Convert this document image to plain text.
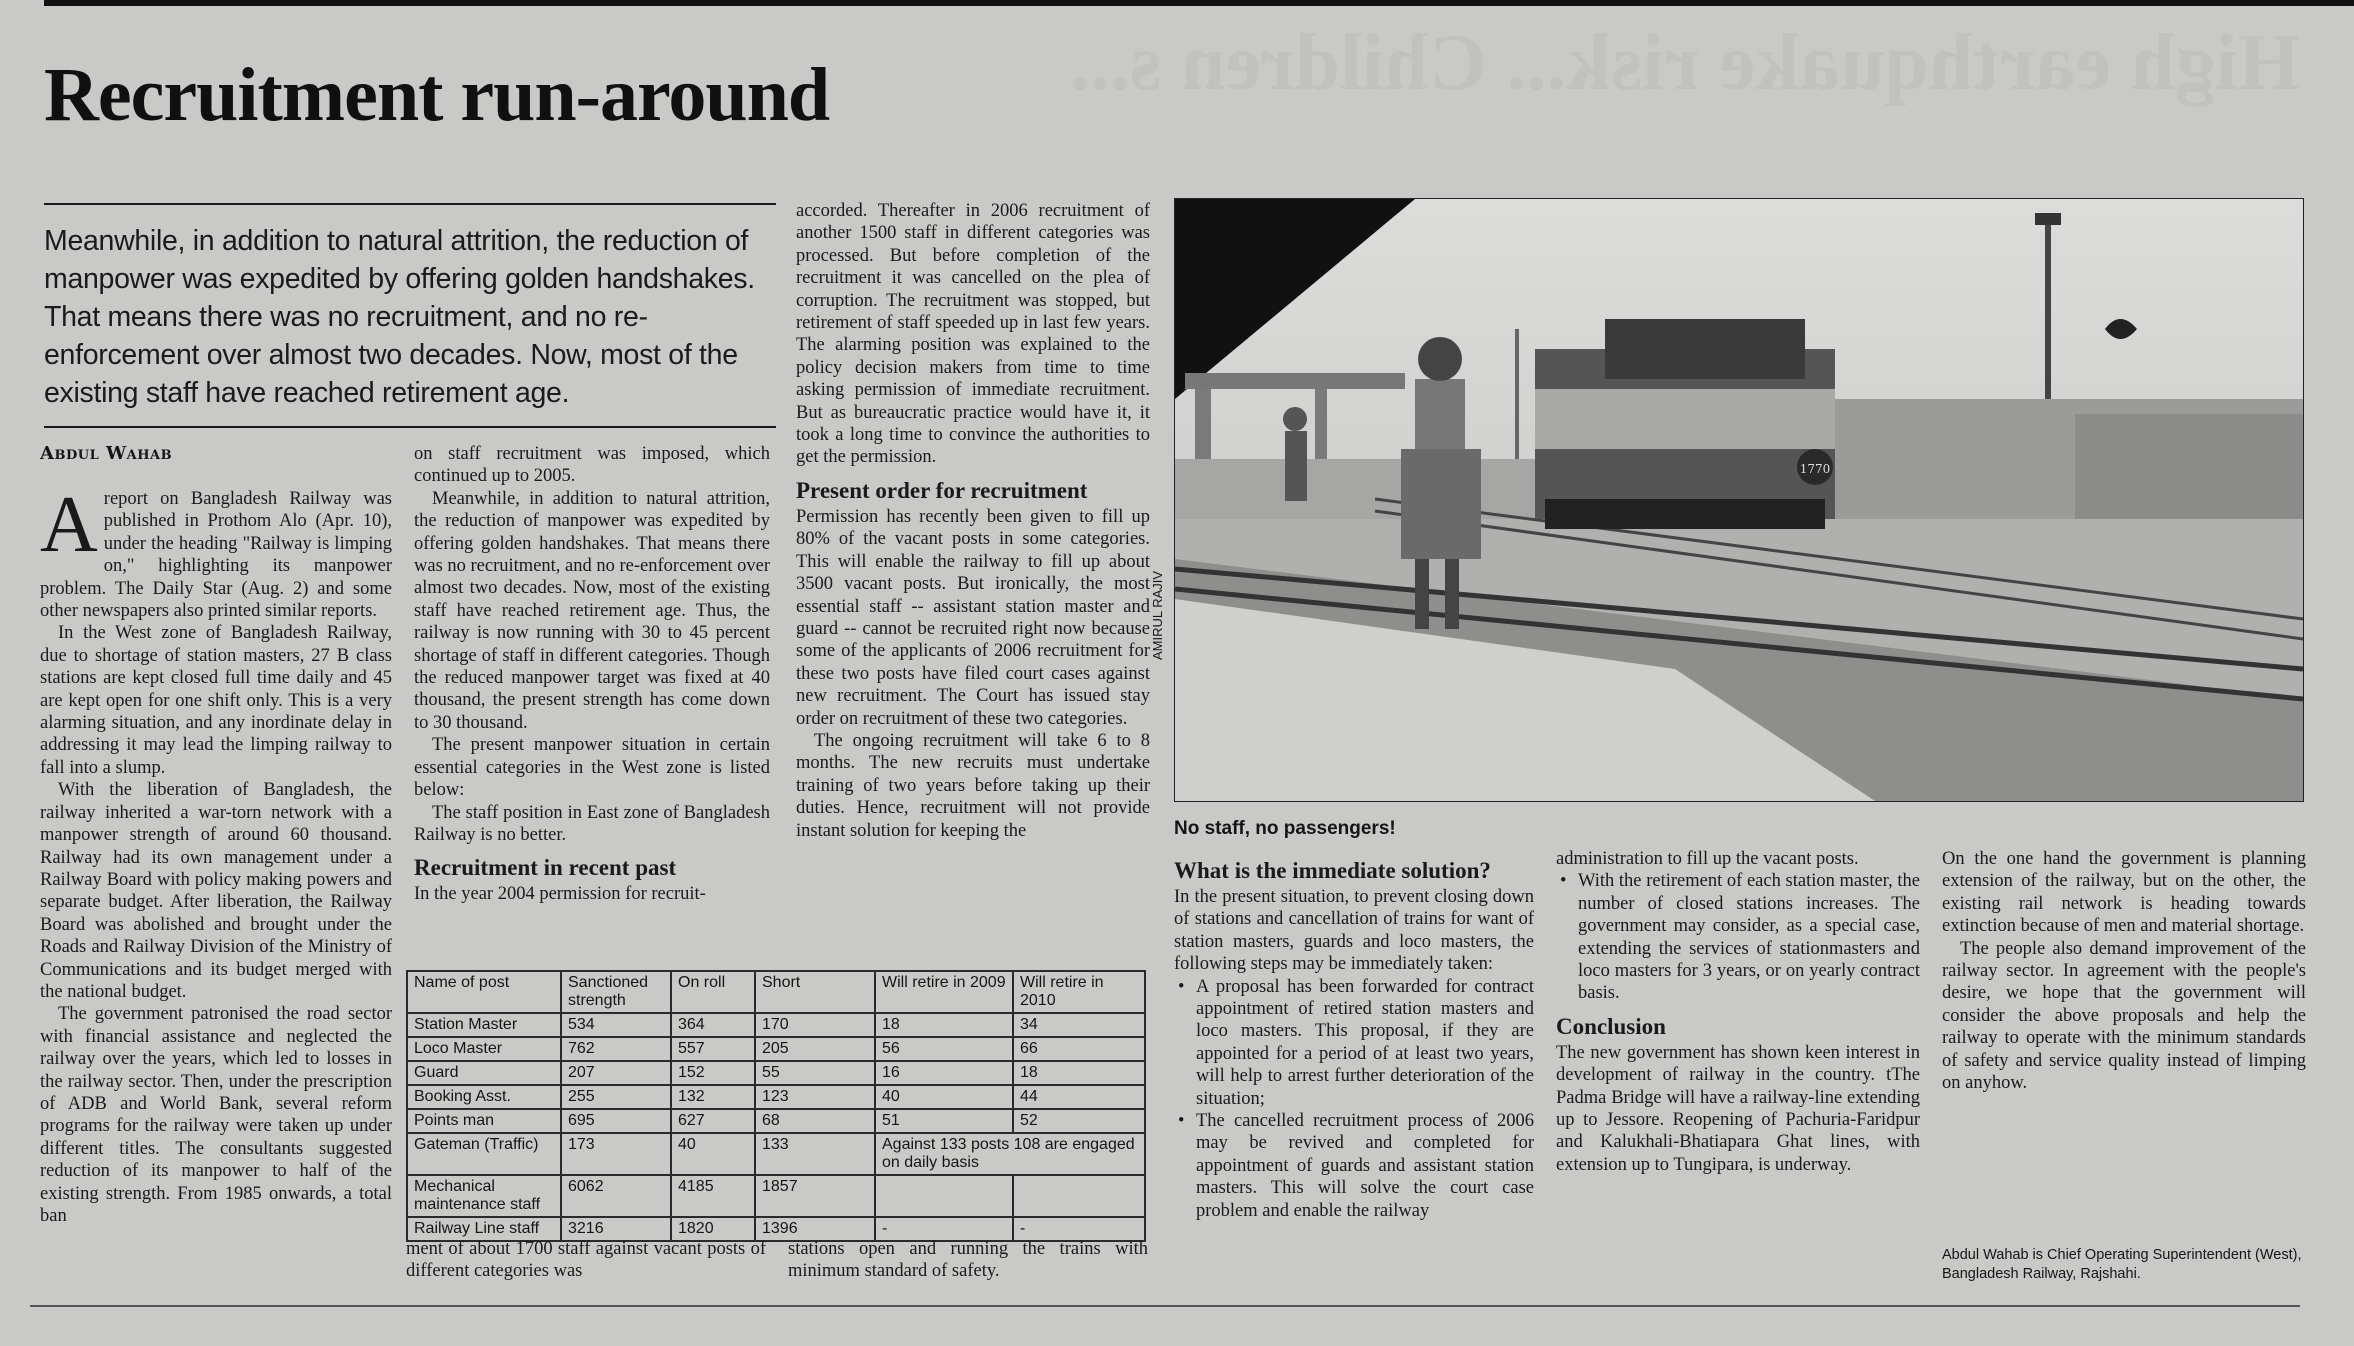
High earthquake risk... Children s...
Recruitment run-around
Meanwhile, in addition to natural attrition, the reduction of manpower was expedited by offering golden handshakes. That means there was no recruitment, and no re-enforcement over almost two decades. Now, most of the existing staff have reached retirement age.
Abdul Wahab

Areport on Bangladesh Railway was published in Prothom Alo (Apr. 10), under the heading "Railway is limping on," highlighting its manpower problem. The Daily Star (Aug. 2) and some other newspapers also printed similar reports.

In the West zone of Bangladesh Railway, due to shortage of station masters, 27 B class stations are kept closed full time daily and 45 are kept open for one shift only. This is a very alarming situation, and any inordinate delay in addressing it may lead the limping railway to fall into a slump.

With the liberation of Bangladesh, the railway inherited a war-torn network with a manpower strength of around 60 thousand. Railway had its own management under a Railway Board with policy making powers and separate budget. After liberation, the Railway Board was abolished and brought under the Roads and Railway Division of the Ministry of Communications and its budget merged with the national budget.

The government patronised the road sector with financial assistance and neglected the railway over the years, which led to losses in the railway sector. Then, under the prescription of ADB and World Bank, several reform programs for the railway were taken up under different titles. The consultants suggested reduction of its manpower to half of the existing strength. From 1985 onwards, a total ban

on staff recruitment was imposed, which continued up to 2005.

Meanwhile, in addition to natural attrition, the reduction of manpower was expedited by offering golden handshakes. That means there was no recruitment, and no re-enforcement over almost two decades. Now, most of the existing staff have reached retirement age. Thus, the railway is now running with 30 to 45 percent shortage of staff in different categories. Though the reduced manpower target was fixed at 40 thousand, the present strength has come down to 30 thousand.

The present manpower situation in certain essential categories in the West zone is listed below:

The staff position in East zone of Bangladesh Railway is no better.

Recruitment in recent past

In the year 2004 permission for recruit-

accorded. Thereafter in 2006 recruitment of another 1500 staff in different categories was processed. But before completion of the recruitment it was cancelled on the plea of corruption. The recruitment was stopped, but retirement of staff speeded up in last few years. The alarming position was explained to the policy decision makers from time to time asking permission of immediate recruitment. But as bureaucratic practice would have it, it took a long time to convince the authorities to get the permission.

Present order for recruitment

Permission has recently been given to fill up 80% of the vacant posts in some categories. This will enable the railway to fill up about 3500 vacant posts. But ironically, the most essential staff -- assistant station master and guard -- cannot be recruited right now because some of the applicants of 2006 recruitment for these two posts have filed court cases against new recruitment. The Court has issued stay order on recruitment of these two categories.

The ongoing recruitment will take 6 to 8 months. The new recruits must undertake training of two years before taking up their duties. Hence, recruitment will not provide instant solution for keeping the

Name of post	Sanctioned strength	On roll	Short	Will retire in 2009	Will retire in 2010
Station Master	534	364	170	18	34
Loco Master	762	557	205	56	66
Guard	207	152	55	16	18
Booking Asst.	255	132	123	40	44
Points man	695	627	68	51	52
Gateman (Traffic)	173	40	133	Against 133 posts 108 are engaged on daily basis	
Mechanical maintenance staff	6062	4185	1857		
Railway Line staff	3216	1820	1396	-	-

ment of about 1700 staff against vacant posts of different categories was

stations open and running the trains with minimum standard of safety.

1770
AMIRUL RAJIV
No staff, no passengers!
What is the immediate solution?

In the present situation, to prevent closing down of stations and cancellation of trains for want of station masters, guards and loco masters, the following steps may be immediately taken:

• A proposal has been forwarded for contract appointment of retired station masters and loco masters. This proposal, if they are appointed for a period of at least two years, will help to arrest further deterioration of the situation;
• The cancelled recruitment process of 2006 may be revived and completed for appointment of guards and assistant station masters. This will solve the court case problem and enable the railway

administration to fill up the vacant posts.

• With the retirement of each station master, the number of closed stations increases. The government may consider, as a special case, extending the services of stationmasters and loco masters for 3 years, or on yearly contract basis.
Conclusion

The new government has shown keen interest in development of railway in the country. tThe Padma Bridge will have a railway-line extending up to Jessore. Reopening of Pachuria-Faridpur and Kalukhali-Bhatiapara Ghat lines, with extension up to Tungipara, is underway.

On the one hand the government is planning extension of the railway, but on the other, the existing rail network is heading towards extinction because of men and material shortage.

The people also demand improvement of the railway sector. In agreement with the people's desire, we hope that the government will consider the above proposals and help the railway to operate with the minimum standards of safety and service quality instead of limping on anyhow.

Abdul Wahab is Chief Operating Superintendent (West), Bangladesh Railway, Rajshahi.
